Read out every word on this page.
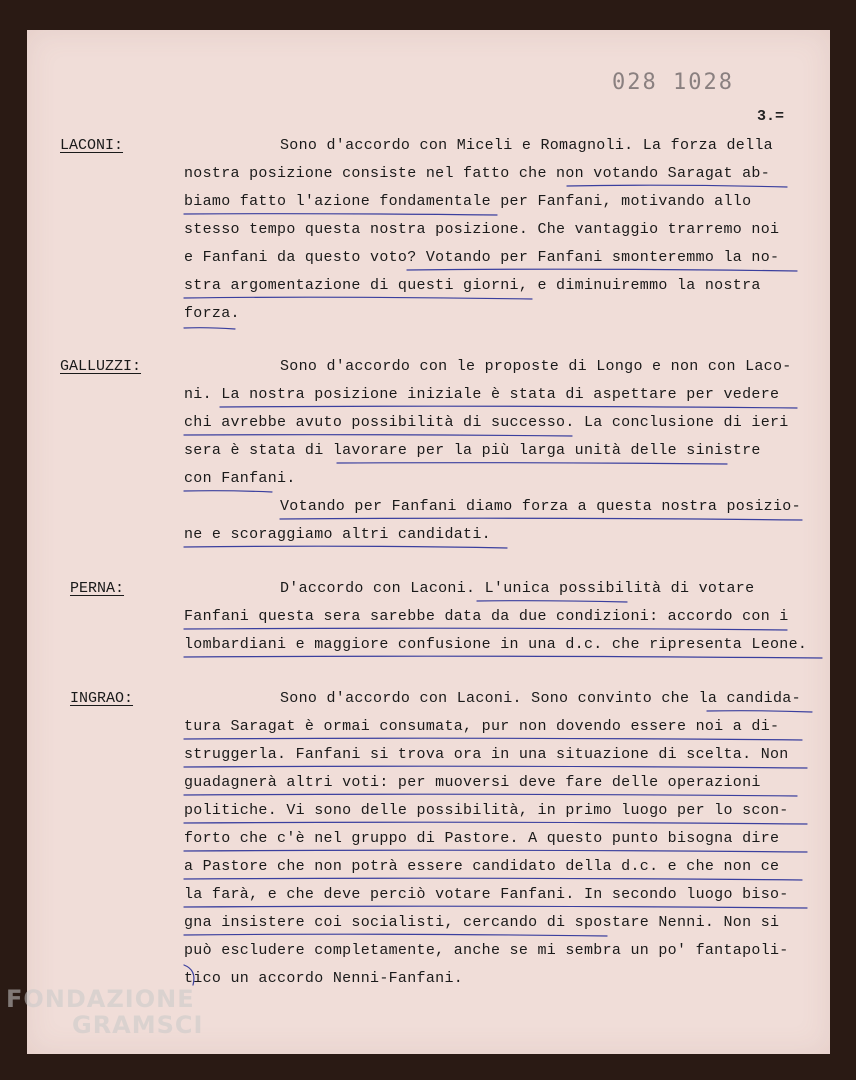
028 1028
3.=
LACONI:	Sono d'accordo con Miceli e Romagnoli. La forza della
nostra posizione consiste nel fatto che non votando Saragat ab-
biamo fatto l'azione fondamentale per Fanfani, motivando allo
stesso tempo questa nostra posizione. Che vantaggio trarremo noi
e Fanfani da questo voto? Votando per Fanfani smonteremmo la no-
stra argomentazione di questi giorni, e diminuiremmo la nostra
forza.
GALLUZZI:	Sono d'accordo con le proposte di Longo e non con Laco-
ni. La nostra posizione iniziale è stata di aspettare per vedere
chi avrebbe avuto possibilità di successo. La conclusione di ieri
sera è stata di lavorare per la più larga unità delle sinistre
con Fanfani.
Votando per Fanfani diamo forza a questa nostra posizio-
ne e scoraggiamo altri candidati.
PERNA:	D'accordo con Laconi. L'unica possibilità di votare
Fanfani questa sera sarebbe data da due condizioni: accordo con i
lombardiani e maggiore confusione in una d.c. che ripresenta Leone.
INGRAO:	Sono d'accordo con Laconi. Sono convinto che la candida-
tura Saragat è ormai consumata, pur non dovendo essere noi a di-
struggerla. Fanfani si trova ora in una situazione di scelta. Non
guadagnerà altri voti: per muoversi deve fare delle operazioni
politiche. Vi sono delle possibilità, in primo luogo per lo scon-
forto che c'è nel gruppo di Pastore. A questo punto bisogna dire
a Pastore che non potrà essere candidato della d.c. e che non ce
la farà, e che deve perciò votare Fanfani. In secondo luogo biso-
gna insistere coi socialisti, cercando di spostare Nenni. Non si
può escludere completamente, anche se mi sembra un po' fantapoli-
tico un accordo Nenni-Fanfani.
FONDAZIONE
GRAMSCI
